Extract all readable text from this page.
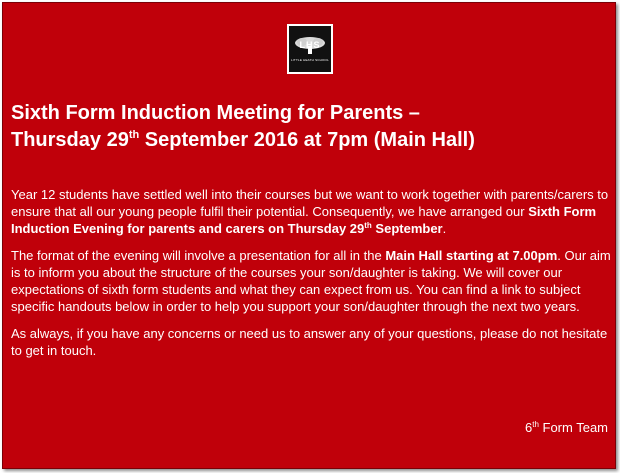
LHS
LITTLE HEATH SCHOOL
Sixth Form Induction Meeting for Parents –
Thursday 29th September 2016 at 7pm (Main Hall)

Year 12 students have settled well into their courses but we want to work together with parents/carers to ensure that all our young people fulfil their potential. Consequently, we have arranged our Sixth Form Induction Evening for parents and carers on Thursday 29th September.

The format of the evening will involve a presentation for all in the Main Hall starting at 7.00pm. Our aim is to inform you about the structure of the courses your son/daughter is taking. We will cover our expectations of sixth form students and what they can expect from us. You can find a link to subject specific handouts below in order to help you support your son/daughter through the next two years.

As always, if you have any concerns or need us to answer any of your questions, please do not hesitate to get in touch.

6th Form Team
